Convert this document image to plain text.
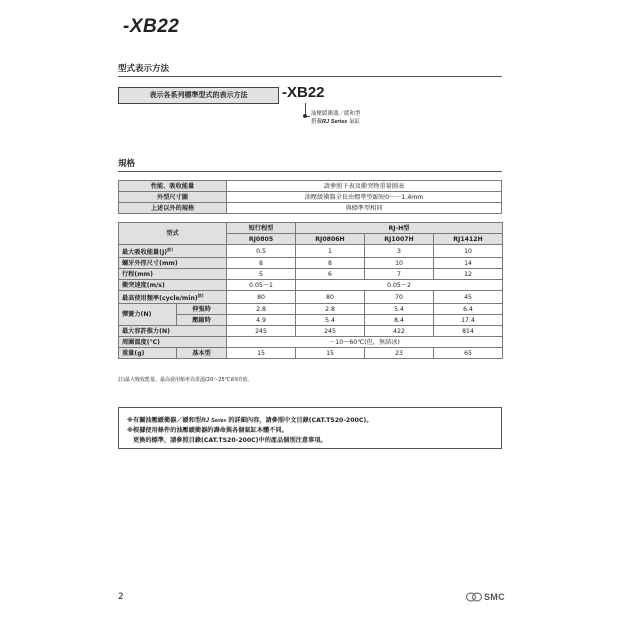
-XB22
型式表示方法
表示各系列標準型式的表示方法	-XB22
油壓緩衝器／緩和型
搭載RJ Series 氣缸
規格
性能、吸收能量	請參照下表及衝突物重量圖表
外型尺寸圖	油壓緩衝器全長由標準型縮短0～－1.4mm
上述以外的規格	與標準型相同
型式		短行程型	RJ-H型		
		RJ0805	RJ0806H	RJ1007H	RJ1412H
最大吸收能量$(J)^{註)}$		0.5	1	3	10
螺牙外徑尺寸(mm)		8	8	10	14
行程(mm)		5	6	7	12
衝突速度(m/s)		0.05～1	0.05～2		
最高使用頻率(cycle/min)$^{註)}$		80	80	70	45
彈簧力(N)	伸張時	2.8	2.8	5.4	6.4
	壓縮時	4.9	5.4	8.4	17.4
最大容許推力(N)		245	245	422	814
周圍溫度(℃)		－10～60℃(但，無結冰)			
重量(g)	基本型	15	15	23	65
註)最大吸收能量、最高使用頻率為常溫(20～25℃)時的值。
※有關油壓緩衝器／緩和型RJ Series 的詳細內容，請參照中文目錄(CAT.TS20-200C)。
※根據使用條件的油壓緩衝器的壽命與各個氣缸本體不同。
更換的標準，請參照目錄(CAT.TS20-200C)中的產品個別注意事項。
2	SMC
